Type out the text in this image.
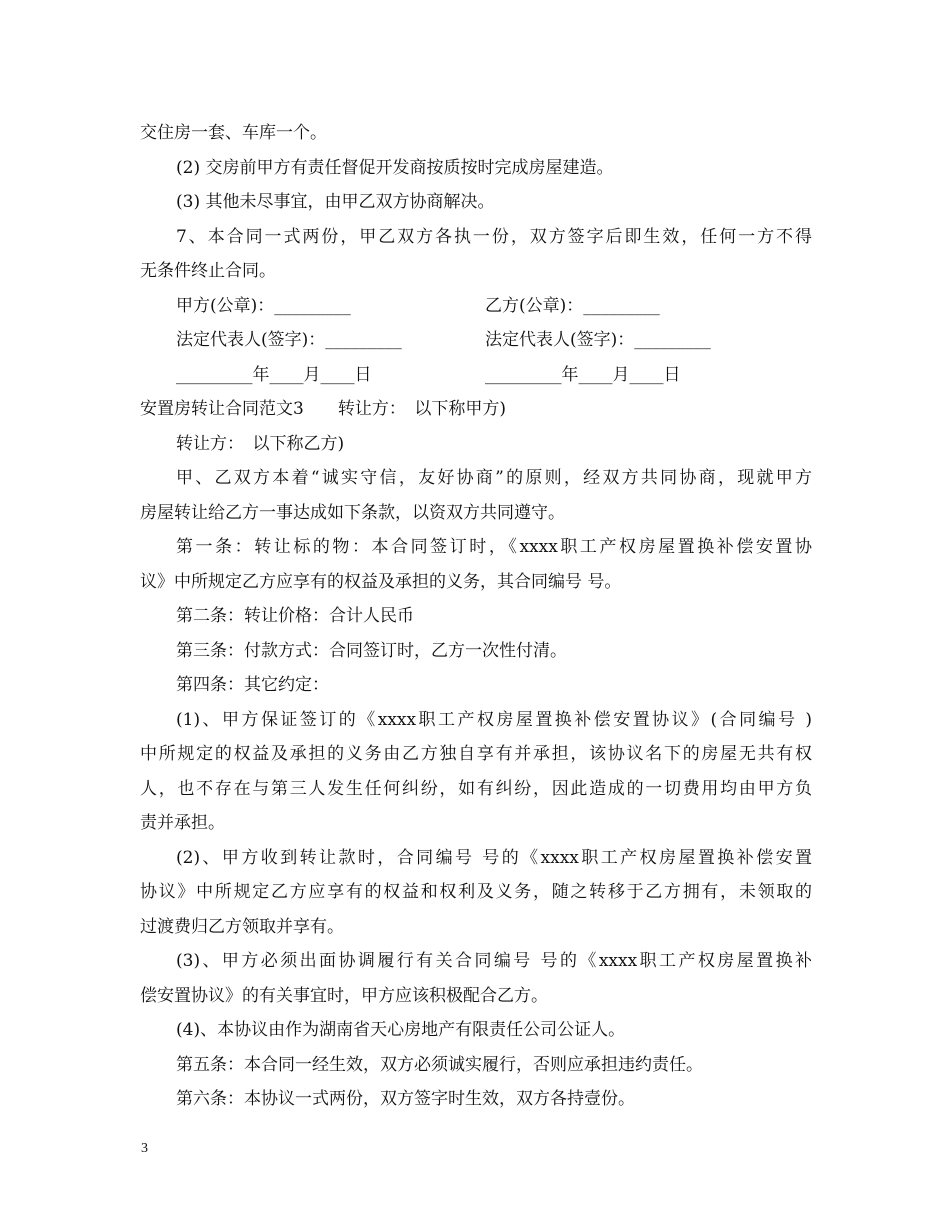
交住房一套、车库一个。
(2) 交房前甲方有责任督促开发商按质按时完成房屋建造。
(3) 其他未尽事宜，由甲乙双方协商解决。
7、本合同一式两份，甲乙双方各执一份，双方签字后即生效，任何一方不得
无条件终止合同。
甲方(公章)：_________	乙方(公章)：_________
法定代表人(签字)：_________	法定代表人(签字)：_________
_________年____月____日	_________年____月____日
安置房转让合同范文3　　转让方：　以下称甲方)
转让方：　以下称乙方)
甲、乙双方本着“诚实守信，友好协商”的原则，经双方共同协商，现就甲方
房屋转让给乙方一事达成如下条款，以资双方共同遵守。
第一条：转让标的物：本合同签订时，《xxxx职工产权房屋置换补偿安置协
议》中所规定乙方应享有的权益及承担的义务，其合同编号 号。
第二条：转让价格：合计人民币
第三条：付款方式：合同签订时，乙方一次性付清。
第四条：其它约定：
(1)、甲方保证签订的《xxxx职工产权房屋置换补偿安置协议》(合同编号 )
中所规定的权益及承担的义务由乙方独自享有并承担，该协议名下的房屋无共有权
人，也不存在与第三人发生任何纠纷，如有纠纷，因此造成的一切费用均由甲方负
责并承担。
(2)、甲方收到转让款时，合同编号 号的《xxxx职工产权房屋置换补偿安置
协议》中所规定乙方应享有的权益和权利及义务，随之转移于乙方拥有，未领取的
过渡费归乙方领取并享有。
(3)、甲方必须出面协调履行有关合同编号 号的《xxxx职工产权房屋置换补
偿安置协议》的有关事宜时，甲方应该积极配合乙方。
(4)、本协议由作为湖南省天心房地产有限责任公司公证人。
第五条：本合同一经生效，双方必须诚实履行，否则应承担违约责任。
第六条：本协议一式两份，双方签字时生效，双方各持壹份。
3
